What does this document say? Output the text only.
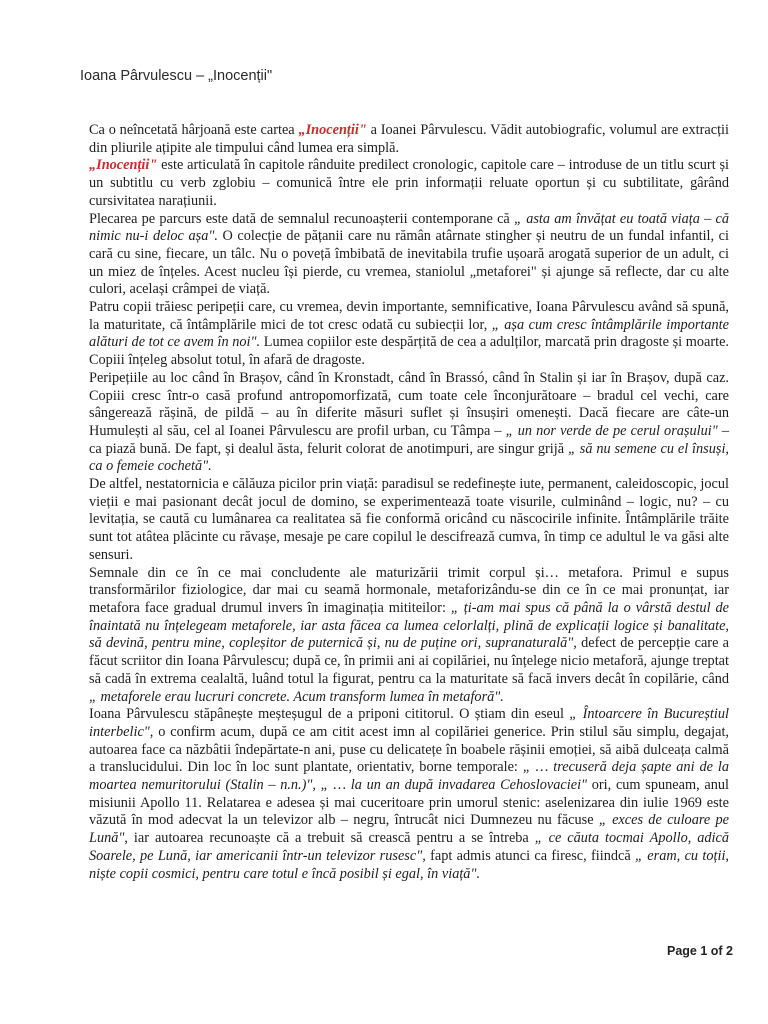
Ioana Pârvulescu – „Inocenții"

Ca o neîncetată hârjoană este cartea „Inocenții" a Ioanei Pârvulescu. Vădit autobiografic, volumul are extracții din pliurile ațipite ale timpului când lumea era simplă.

„Inocenții" este articulată în capitole rânduite predilect cronologic, capitole care – introduse de un titlu scurt și un subtitlu cu verb zglobiu – comunică între ele prin informații reluate oportun și cu subtilitate, gârând cursivitatea narațiunii.

Plecarea pe parcurs este dată de semnalul recunoașterii contemporane că „ asta am învățat eu toată viața – că nimic nu-i deloc așa". O colecție de pățanii care nu rămân atârnate stingher și neutru de un fundal infantil, ci cară cu sine, fiecare, un tâlc. Nu o poveță îmbibată de inevitabila trufie ușoară arogată superior de un adult, ci un miez de înțeles. Acest nucleu își pierde, cu vremea, staniolul „metaforei" și ajunge să reflecte, dar cu alte culori, același crâmpei de viață.

Patru copii trăiesc peripeții care, cu vremea, devin importante, semnificative, Ioana Pârvulescu având să spună, la maturitate, că întâmplările mici de tot cresc odată cu subiecții lor, „ așa cum cresc întâmplările importante alături de tot ce avem în noi". Lumea copiilor este despărțită de cea a adulților, marcată prin dragoste și moarte. Copiii înțeleg absolut totul, în afară de dragoste.

Peripețiile au loc când în Brașov, când în Kronstadt, când în Brassó, când în Stalin și iar în Brașov, după caz. Copiii cresc într-o casă profund antropomorfizată, cum toate cele înconjurătoare – bradul cel vechi, care sângerează rășină, de pildă – au în diferite măsuri suflet și însușiri omenești. Dacă fiecare are câte-un Humulești al său, cel al Ioanei Pârvulescu are profil urban, cu Tâmpa – „ un nor verde de pe cerul orașului" – ca piază bună. De fapt, și dealul ăsta, felurit colorat de anotimpuri, are singur grijă „ să nu semene cu el însuși, ca o femeie cochetă".

De altfel, nestatornicia e călăuza picilor prin viață: paradisul se redefinește iute, permanent, caleidoscopic, jocul vieții e mai pasionant decât jocul de domino, se experimentează toate visurile, culminând – logic, nu? – cu levitația, se caută cu lumânarea ca realitatea să fie conformă oricând cu născocirile infinite. Întâmplările trăite sunt tot atâtea plăcinte cu răvașe, mesaje pe care copilul le descifrează cumva, în timp ce adultul le va găsi alte sensuri.

Semnale din ce în ce mai concludente ale maturizării trimit corpul și… metafora. Primul e supus transformărilor fiziologice, dar mai cu seamă hormonale, metaforizându-se din ce în ce mai pronunțat, iar metafora face gradual drumul invers în imaginația mititeilor: „ ți-am mai spus că până la o vârstă destul de înaintată nu înțelegeam metaforele, iar asta făcea ca lumea celorlalți, plină de explicații logice și banalitate, să devină, pentru mine, copleșitor de puternică și, nu de puține ori, supranaturală", defect de percepție care a făcut scriitor din Ioana Pârvulescu; după ce, în primii ani ai copilăriei, nu înțelege nicio metaforă, ajunge treptat să cadă în extrema cealaltă, luând totul la figurat, pentru ca la maturitate să facă invers decât în copilărie, când „ metaforele erau lucruri concrete. Acum transform lumea în metaforă".

Ioana Pârvulescu stăpânește meșteșugul de a priponi cititorul. O știam din eseul „ Întoarcere în Bucureștiul interbelic", o confirm acum, după ce am citit acest imn al copilăriei generice. Prin stilul său simplu, degajat, autoarea face ca năzbâtii îndepărtate-n ani, puse cu delicatețe în boabele rășinii emoției, să aibă dulceața calmă a translucidului. Din loc în loc sunt plantate, orientativ, borne temporale: „ … trecuseră deja șapte ani de la moartea nemuritorului (Stalin – n.n.)", „ … la un an după invadarea Cehoslovaciei" ori, cum spuneam, anul misiunii Apollo 11. Relatarea e adesea și mai cuceritoare prin umorul stenic: aselenizarea din iulie 1969 este văzută în mod adecvat la un televizor alb – negru, întrucât nici Dumnezeu nu făcuse „ exces de culoare pe Lună", iar autoarea recunoaște că a trebuit să crească pentru a se întreba „ ce căuta tocmai Apollo, adică Soarele, pe Lună, iar americanii într-un televizor rusesc", fapt admis atunci ca firesc, fiindcă „ eram, cu toții, niște copii cosmici, pentru care totul e încă posibil și egal, în viață".

Page 1 of 2
